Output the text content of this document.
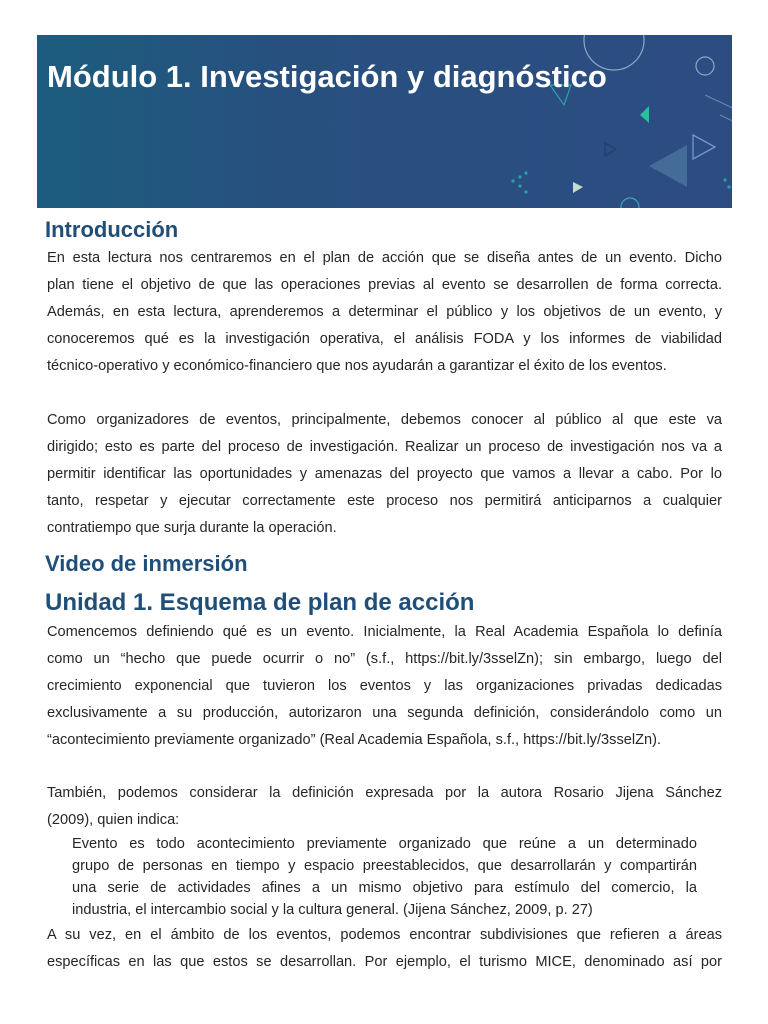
Módulo 1. Investigación y diagnóstico
Introducción
En esta lectura nos centraremos en el plan de acción que se diseña antes de un evento. Dicho
plan tiene el objetivo de que las operaciones previas al evento se desarrollen de forma correcta.
Además, en esta lectura, aprenderemos a determinar el público y los objetivos de un evento, y
conoceremos qué es la investigación operativa, el análisis FODA y los informes de viabilidad
técnico-operativo y económico-financiero que nos ayudarán a garantizar el éxito de los eventos.
Como organizadores de eventos, principalmente, debemos conocer al público al que este va
dirigido; esto es parte del proceso de investigación. Realizar un proceso de investigación nos va a
permitir identificar las oportunidades y amenazas del proyecto que vamos a llevar a cabo. Por lo
tanto, respetar y ejecutar correctamente este proceso nos permitirá anticiparnos a cualquier
contratiempo que surja durante la operación.
Video de inmersión
Unidad 1. Esquema de plan de acción
Comencemos definiendo qué es un evento. Inicialmente, la Real Academia Española lo definía
como un “hecho que puede ocurrir o no” (s.f., https://bit.ly/3sselZn); sin embargo, luego del
crecimiento exponencial que tuvieron los eventos y las organizaciones privadas dedicadas
exclusivamente a su producción, autorizaron una segunda definición, considerándolo como un
“acontecimiento previamente organizado” (Real Academia Española, s.f., https://bit.ly/3sselZn).
También, podemos considerar la definición expresada por la autora Rosario Jijena Sánchez
(2009), quien indica:
Evento es todo acontecimiento previamente organizado que reúne a un determinado
grupo de personas en tiempo y espacio preestablecidos, que desarrollarán y compartirán
una serie de actividades afines a un mismo objetivo para estímulo del comercio, la
industria, el intercambio social y la cultura general. (Jijena Sánchez, 2009, p. 27)
A su vez, en el ámbito de los eventos, podemos encontrar subdivisiones que refieren a áreas
específicas en las que estos se desarrollan. Por ejemplo, el turismo MICE, denominado así por
